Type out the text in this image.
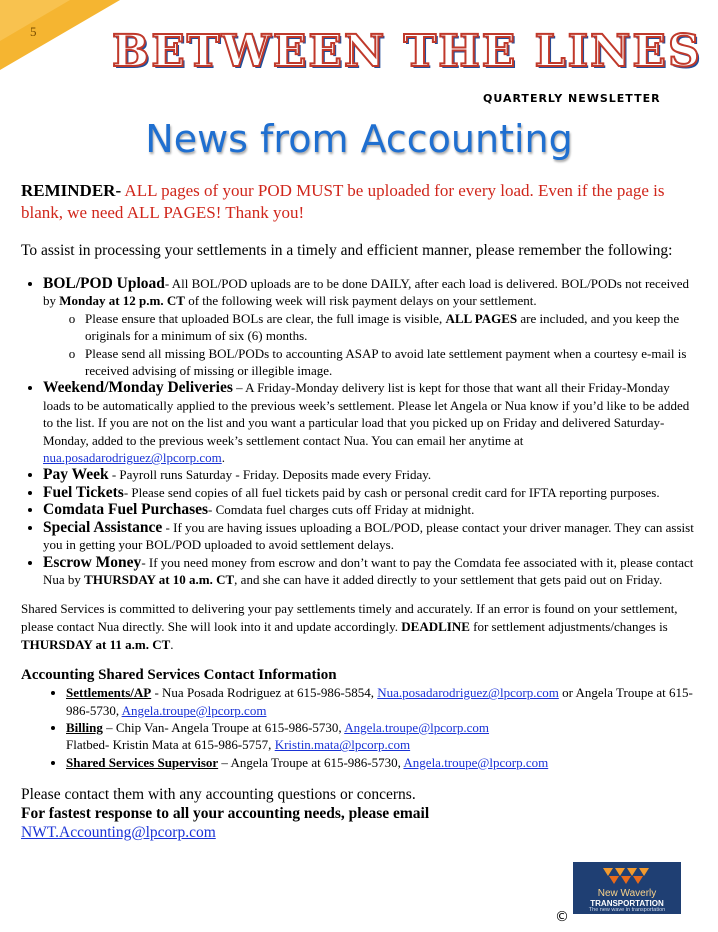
5 BETWEEN THE LINES
QUARTERLY NEWSLETTER
News from Accounting

REMINDER- ALL pages of your POD MUST be uploaded for every load. Even if the page is blank, we need ALL PAGES! Thank you!

To assist in processing your settlements in a timely and efficient manner, please remember the following:

• BOL/POD Upload- All BOL/POD uploads are to be done DAILY, after each load is delivered. BOL/PODs not received by Monday at 12 p.m. CT of the following week will risk payment delays on your settlement.
o Please ensure that uploaded BOLs are clear, the full image is visible, ALL PAGES are included, and you keep the originals for a minimum of six (6) months.
o Please send all missing BOL/PODs to accounting ASAP to avoid late settlement payment when a courtesy e-mail is received advising of missing or illegible image.
• Weekend/Monday Deliveries – A Friday-Monday delivery list is kept for those that want all their Friday-Monday loads to be automatically applied to the previous week’s settlement. Please let Angela or Nua know if you’d like to be added to the list. If you are not on the list and you want a particular load that you picked up on Friday and delivered Saturday-Monday, added to the previous week’s settlement contact Nua. You can email her anytime at nua.posadarodriguez@lpcorp.com.
• Pay Week - Payroll runs Saturday - Friday. Deposits made every Friday.
• Fuel Tickets- Please send copies of all fuel tickets paid by cash or personal credit card for IFTA reporting purposes.
• Comdata Fuel Purchases- Comdata fuel charges cuts off Friday at midnight.
• Special Assistance - If you are having issues uploading a BOL/POD, please contact your driver manager. They can assist you in getting your BOL/POD uploaded to avoid settlement delays.
• Escrow Money- If you need money from escrow and don’t want to pay the Comdata fee associated with it, please contact Nua by THURSDAY at 10 a.m. CT, and she can have it added directly to your settlement that gets paid out on Friday.

Shared Services is committed to delivering your pay settlements timely and accurately. If an error is found on your settlement, please contact Nua directly. She will look into it and update accordingly. DEADLINE for settlement adjustments/changes is THURSDAY at 11 a.m. CT.

Accounting Shared Services Contact Information

• Settlements/AP - Nua Posada Rodriguez at 615-986-5854, Nua.posadarodriguez@lpcorp.com or Angela Troupe at 615-986-5730, Angela.troupe@lpcorp.com
• Billing – Chip Van- Angela Troupe at 615-986-5730, Angela.troupe@lpcorp.com
Flatbed- Kristin Mata at 615-986-5757, Kristin.mata@lpcorp.com
• Shared Services Supervisor – Angela Troupe at 615-986-5730, Angela.troupe@lpcorp.com

Please contact them with any accounting questions or concerns.
For fastest response to all your accounting needs, please email
NWT.Accounting@lpcorp.com

New Waverly
TRANSPORTATION
The new wave in transportation
©
